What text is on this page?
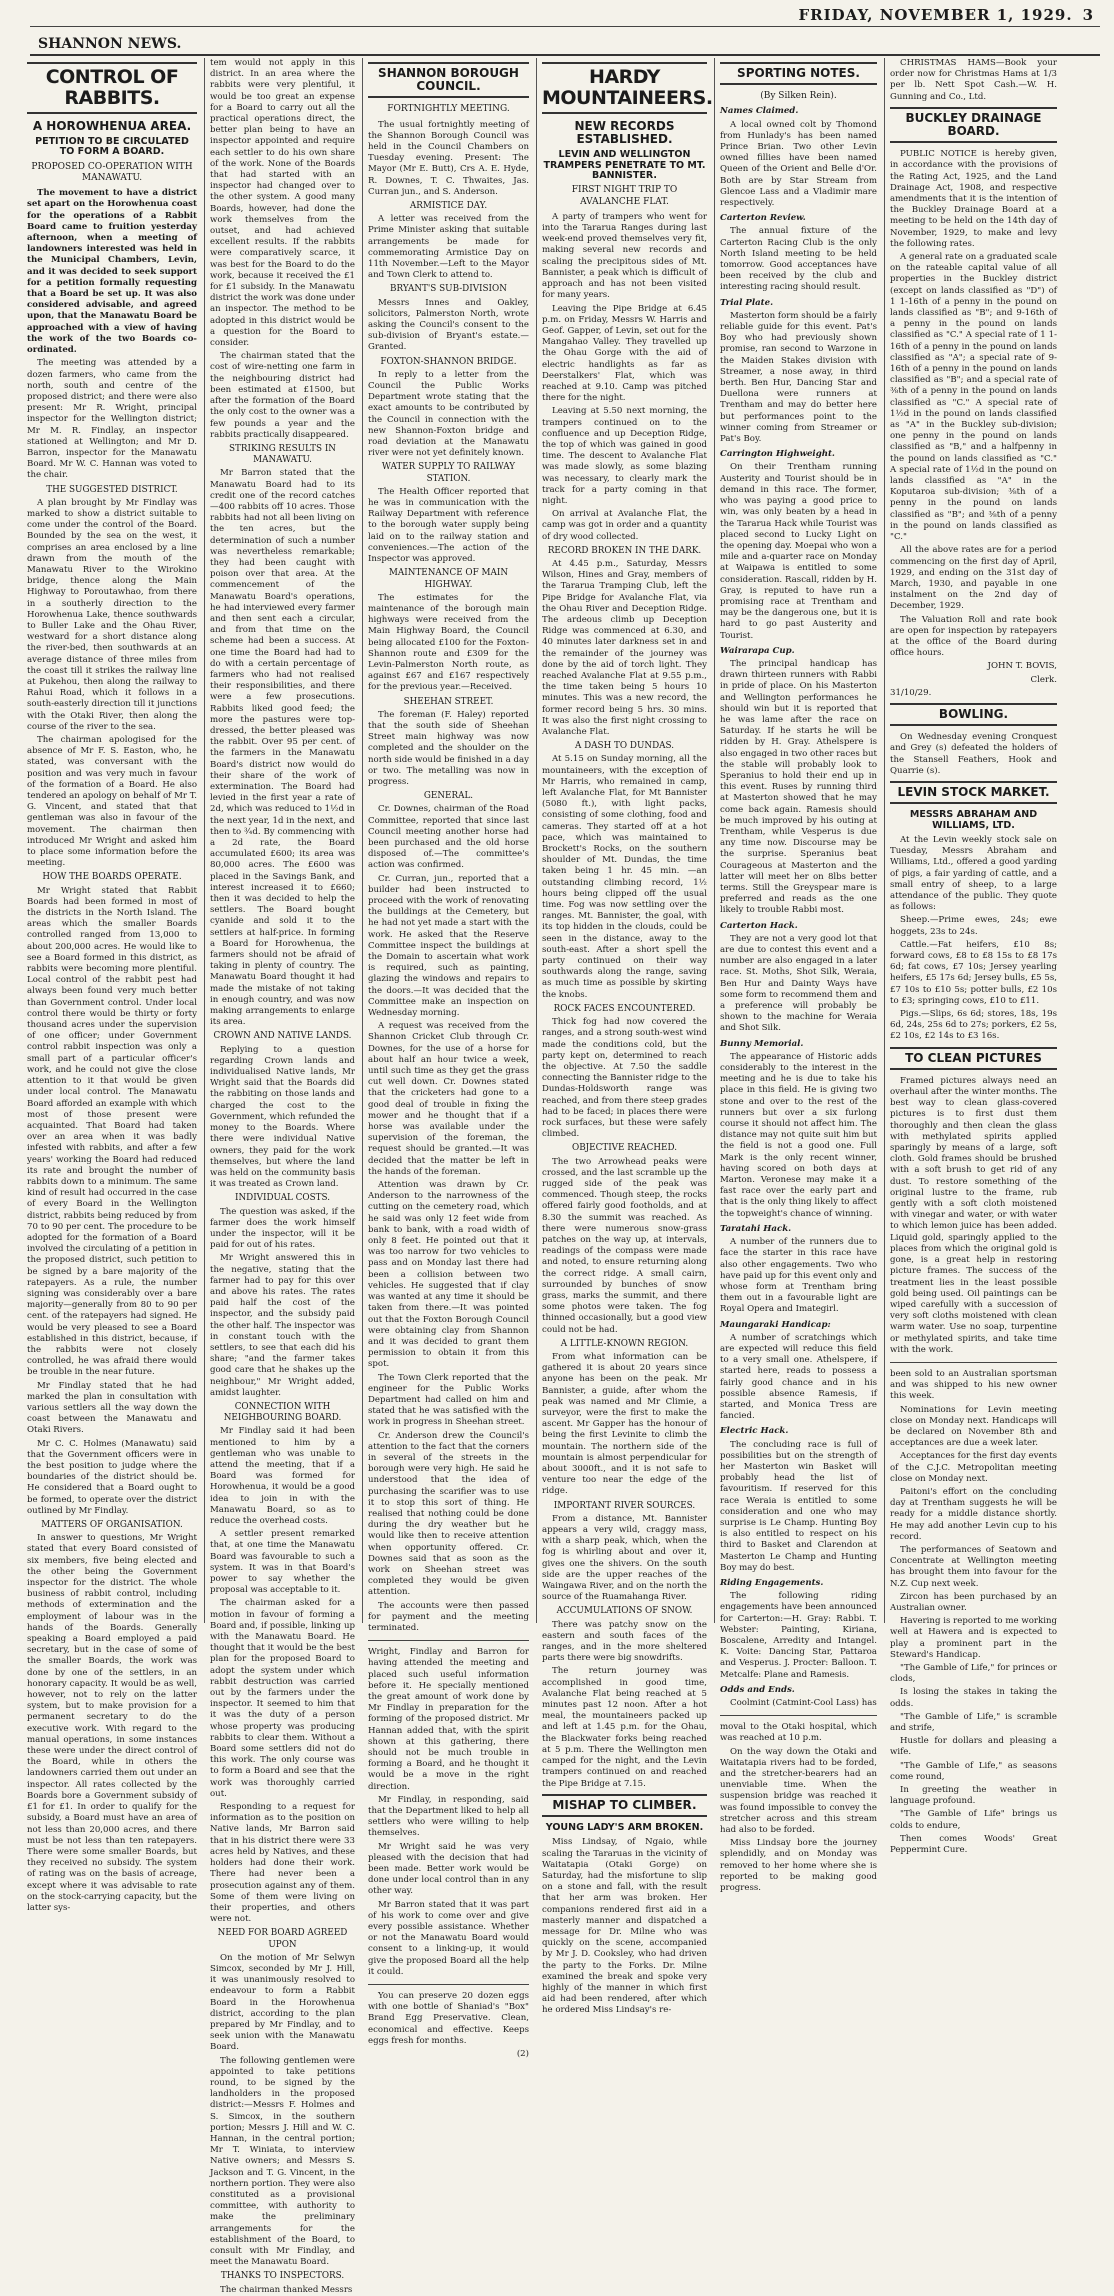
FRIDAY, NOVEMBER 1, 1929. 3
SHANNON NEWS.
CONTROL OF RABBITS.
A HOROWHENUA AREA.
PETITION TO BE CIRCULATED TO FORM A BOARD.
PROPOSED CO-OPERATION WITH MANAWATU.

The movement to have a district set apart on the Horowhenua coast for the operations of a Rabbit Board came to fruition yesterday afternoon, when a meeting of landowners interested was held in the Municipal Chambers, Levin, and it was decided to seek support for a petition formally requesting that a Board be set up. It was also considered advisable, and agreed upon, that the Manawatu Board be approached with a view of having the work of the two Boards co-ordinated.

The meeting was attended by a dozen farmers, who came from the north, south and centre of the proposed district; and there were also present: Mr R. Wright, principal inspector for the Wellington district; Mr M. R. Findlay, an inspector stationed at Wellington; and Mr D. Barron, inspector for the Manawatu Board. Mr W. C. Hannan was voted to the chair.

THE SUGGESTED DISTRICT.

A plan brought by Mr Findlay was marked to show a district suitable to come under the control of the Board. Bounded by the sea on the west, it comprises an area enclosed by a line drawn from the mouth of the Manawatu River to the Wirokino bridge, thence along the Main Highway to Poroutawhao, from there in a southerly direction to the Horowhenua Lake, thence southwards to Buller Lake and the Ohau River, westward for a short distance along the river-bed, then southwards at an average distance of three miles from the coast till it strikes the railway line at Pukehou, then along the railway to Rahui Road, which it follows in a south-easterly direction till it junctions with the Otaki River, then along the course of the river to the sea.

The chairman apologised for the absence of Mr F. S. Easton, who, he stated, was conversant with the position and was very much in favour of the formation of a Board. He also tendered an apology on behalf of Mr T. G. Vincent, and stated that that gentleman was also in favour of the movement. The chairman then introduced Mr Wright and asked him to place some information before the meeting.

HOW THE BOARDS OPERATE.

Mr Wright stated that Rabbit Boards had been formed in most of the districts in the North Island. The areas which the smaller Boards controlled ranged from 13,000 to about 200,000 acres. He would like to see a Board formed in this district, as rabbits were becoming more plentiful. Local control of the rabbit pest had always been found very much better than Government control. Under local control there would be thirty or forty thousand acres under the supervision of one officer; under Government control rabbit inspection was only a small part of a particular officer's work, and he could not give the close attention to it that would be given under local control. The Manawatu Board afforded an example with which most of those present were acquainted. That Board had taken over an area when it was badly infested with rabbits, and after a few years' working the Board had reduced its rate and brought the number of rabbits down to a minimum. The same kind of result had occurred in the case of every Board in the Wellington district, rabbits being reduced by from 70 to 90 per cent. The procedure to be adopted for the formation of a Board involved the circulating of a petition in the proposed district, such petition to be signed by a bare majority of the ratepayers. As a rule, the number signing was considerably over a bare majority—generally from 80 to 90 per cent. of the ratepayers had signed. He would be very pleased to see a Board established in this district, because, if the rabbits were not closely controlled, he was afraid there would be trouble in the near future.

Mr Findlay stated that he had marked the plan in consultation with various settlers all the way down the coast between the Manawatu and Otaki Rivers.

Mr C. C. Holmes (Manawatu) said that the Government officers were in the best position to judge where the boundaries of the district should be. He considered that a Board ought to be formed, to operate over the district outlined by Mr Findlay.

MATTERS OF ORGANISATION.

In answer to questions, Mr Wright stated that every Board consisted of six members, five being elected and the other being the Government inspector for the district. The whole business of rabbit control, including methods of extermination and the employment of labour was in the hands of the Boards. Generally speaking a Board employed a paid secretary, but in the case of some of the smaller Boards, the work was done by one of the settlers, in an honorary capacity. It would be as well, however, not to rely on the latter system, but to make provision for a permanent secretary to do the executive work. With regard to the manual operations, in some instances these were under the direct control of the Board, while in others the landowners carried them out under an inspector. All rates collected by the Boards bore a Government subsidy of £1 for £1. In order to qualify for the subsidy, a Board must have an area of not less than 20,000 acres, and there must be not less than ten ratepayers. There were some smaller Boards, but they received no subsidy. The system of rating was on the basis of acreage, except where it was advisable to rate on the stock-carrying capacity, but the latter sys-

tem would not apply in this district. In an area where the rabbits were very plentiful, it would be too great an expense for a Board to carry out all the practical operations direct, the better plan being to have an inspector appointed and require each settler to do his own share of the work. None of the Boards that had started with an inspector had changed over to the other system. A good many Boards, however, had done the work themselves from the outset, and had achieved excellent results. If the rabbits were comparatively scarce, it was best for the Board to do the work, because it received the £1 for £1 subsidy. In the Manawatu district the work was done under an inspector. The method to be adopted in this district would be a question for the Board to consider.

The chairman stated that the cost of wire-netting one farm in the neighbouring district had been estimated at £1500, but after the formation of the Board the only cost to the owner was a few pounds a year and the rabbits practically disappeared.

STRIKING RESULTS IN MANAWATU.

Mr Barron stated that the Manawatu Board had to its credit one of the record catches—400 rabbits off 10 acres. Those rabbits had not all been living on the ten acres, but the determination of such a number was nevertheless remarkable; they had been caught with poison over that area. At the commencement of the Manawatu Board's operations, he had interviewed every farmer and then sent each a circular, and from that time on the scheme had been a success. At one time the Board had had to do with a certain percentage of farmers who had not realised their responsibilities, and there were a few prosecutions. Rabbits liked good feed; the more the pastures were top-dressed, the better pleased was the rabbit. Over 95 per cent. of the farmers in the Manawatu Board's district now would do their share of the work of extermination. The Board had levied in the first year a rate of 2d, which was reduced to 1½d in the next year, 1d in the next, and then to ¾d. By commencing with a 2d rate, the Board accumulated £600; its area was 80,000 acres. The £600 was placed in the Savings Bank, and interest increased it to £660; then it was decided to help the settlers. The Board bought cyanide and sold it to the settlers at half-price. In forming a Board for Horowhenua, the farmers should not be afraid of taking in plenty of country. The Manawatu Board thought it had made the mistake of not taking in enough country, and was now making arrangements to enlarge its area.

CROWN AND NATIVE LANDS.

Replying to a question regarding Crown lands and individualised Native lands, Mr Wright said that the Boards did the rabbiting on those lands and charged the cost to the Government, which refunded the money to the Boards. Where there were individual Native owners, they paid for the work themselves, but where the land was held on the community basis it was treated as Crown land.

INDIVIDUAL COSTS.

The question was asked, if the farmer does the work himself under the inspector, will it be paid for out of his rates.

Mr Wright answered this in the negative, stating that the farmer had to pay for this over and above his rates. The rates paid half the cost of the inspector, and the subsidy paid the other half. The inspector was in constant touch with the settlers, to see that each did his share; "and the farmer takes good care that he shakes up the neighbour," Mr Wright added, amidst laughter.

CONNECTION WITH NEIGHBOURING BOARD.

Mr Findlay said it had been mentioned to him by a gentleman who was unable to attend the meeting, that if a Board was formed for Horowhenua, it would be a good idea to join in with the Manawatu Board, so as to reduce the overhead costs.

A settler present remarked that, at one time the Manawatu Board was favourable to such a system. It was in that Board's power to say whether the proposal was acceptable to it.

The chairman asked for a motion in favour of forming a Board and, if possible, linking up with the Manawatu Board. He thought that it would be the best plan for the proposed Board to adopt the system under which rabbit destruction was carried out by the farmers under the inspector. It seemed to him that it was the duty of a person whose property was producing rabbits to clear them. Without a Board some settlers did not do this work. The only course was to form a Board and see that the work was thoroughly carried out.

Responding to a request for information as to the position on Native lands, Mr Barron said that in his district there were 33 acres held by Natives, and these holders had done their work. There had never been a prosecution against any of them. Some of them were living on their properties, and others were not.

NEED FOR BOARD AGREED UPON

On the motion of Mr Selwyn Simcox, seconded by Mr J. Hill, it was unanimously resolved to endeavour to form a Rabbit Board in the Horowhenua district, according to the plan prepared by Mr Findlay, and to seek union with the Manawatu Board.

The following gentlemen were appointed to take petitions round, to be signed by the landholders in the proposed district:—Messrs F. Holmes and S. Simcox, in the southern portion; Messrs J. Hill and W. C. Hannan, in the central portion; Mr T. Winiata, to interview Native owners; and Messrs S. Jackson and T. G. Vincent, in the northern portion. They were also constituted as a provisional committee, with authority to make the preliminary arrangements for the establishment of the Board, to consult with Mr Findlay, and meet the Manawatu Board.

THANKS TO INSPECTORS.

The chairman thanked Messrs

SHANNON BOROUGH COUNCIL.
FORTNIGHTLY MEETING.

The usual fortnightly meeting of the Shannon Borough Council was held in the Council Chambers on Tuesday evening. Present: The Mayor (Mr E. Butt), Crs A. E. Hyde, R. Downes, T. C. Thwaites, Jas. Curran jun., and S. Anderson.

ARMISTICE DAY.

A letter was received from the Prime Minister asking that suitable arrangements be made for commemorating Armistice Day on 11th November.—Left to the Mayor and Town Clerk to attend to.

BRYANT'S SUB-DIVISION

Messrs Innes and Oakley, solicitors, Palmerston North, wrote asking the Council's consent to the sub-division of Bryant's estate.—Granted.

FOXTON-SHANNON BRIDGE.

In reply to a letter from the Council the Public Works Department wrote stating that the exact amounts to be contributed by the Council in connection with the new Shannon-Foxton bridge and road deviation at the Manawatu river were not yet definitely known.

WATER SUPPLY TO RAILWAY STATION.

The Health Officer reported that he was in communication with the Railway Department with reference to the borough water supply being laid on to the railway station and conveniences.—The action of the Inspector was approved.

MAINTENANCE OF MAIN HIGHWAY.

The estimates for the maintenance of the borough main highways were received from the Main Highway Board, the Council being allocated £100 for the Foxton-Shannon route and £309 for the Levin-Palmerston North route, as against £67 and £167 respectively for the previous year.—Received.

SHEEHAN STREET.

The foreman (F. Haley) reported that the south side of Sheehan Street main highway was now completed and the shoulder on the north side would be finished in a day or two. The metalling was now in progress.

GENERAL.

Cr. Downes, chairman of the Road Committee, reported that since last Council meeting another horse had been purchased and the old horse disposed of.—The committee's action was confirmed.

Cr. Curran, jun., reported that a builder had been instructed to proceed with the work of renovating the buildings at the Cemetery, but he had not yet made a start with the work. He asked that the Reserve Committee inspect the buildings at the Domain to ascertain what work is required, such as painting, glazing the windows and repairs to the doors.—It was decided that the Committee make an inspection on Wednesday morning.

A request was received from the Shannon Cricket Club through Cr. Downes, for the use of a horse for about half an hour twice a week, until such time as they get the grass cut well down. Cr. Downes stated that the cricketers had gone to a good deal of trouble in fixing the mower and he thought that if a horse was available under the supervision of the foreman, the request should be granted.—It was decided that the matter be left in the hands of the foreman.

Attention was drawn by Cr. Anderson to the narrowness of the cutting on the cemetery road, which he said was only 12 feet wide from bank to bank, with a road width of only 8 feet. He pointed out that it was too narrow for two vehicles to pass and on Monday last there had been a collision between two vehicles. He suggested that if clay was wanted at any time it should be taken from there.—It was pointed out that the Foxton Borough Council were obtaining clay from Shannon and it was decided to grant them permission to obtain it from this spot.

The Town Clerk reported that the engineer for the Public Works Department had called on him and stated that he was satisfied with the work in progress in Sheehan street.

Cr. Anderson drew the Council's attention to the fact that the corners in several of the streets in the borough were very high. He said he understood that the idea of purchasing the scarifier was to use it to stop this sort of thing. He realised that nothing could be done during the dry weather but he would like then to receive attention when opportunity offered. Cr. Downes said that as soon as the work on Sheehan street was completed they would be given attention.

The accounts were then passed for payment and the meeting terminated.

Wright, Findlay and Barron for having attended the meeting and placed such useful information before it. He specially mentioned the great amount of work done by Mr Findlay in preparation for the forming of the proposed district. Mr Hannan added that, with the spirit shown at this gathering, there should not be much trouble in forming a Board, and he thought it would be a move in the right direction.

Mr Findlay, in responding, said that the Department liked to help all settlers who were willing to help themselves.

Mr Wright said he was very pleased with the decision that had been made. Better work would be done under local control than in any other way.

Mr Barron stated that it was part of his work to come over and give every possible assistance. Whether or not the Manawatu Board would consent to a linking-up, it would give the proposed Board all the help it could.

You can preserve 20 dozen eggs with one bottle of Shaniad's "Box" Brand Egg Preservative. Clean, economical and effective. Keeps eggs fresh for months.

(2)
HARDY MOUNTAINEERS.
NEW RECORDS ESTABLISHED.
LEVIN AND WELLINGTON TRAMPERS PENETRATE TO MT. BANNISTER.
FIRST NIGHT TRIP TO AVALANCHE FLAT.

A party of trampers who went for into the Tararua Ranges during last week-end proved themselves very fit, making several new records and scaling the precipitous sides of Mt. Bannister, a peak which is difficult of approach and has not been visited for many years.

Leaving the Pipe Bridge at 6.45 p.m. on Friday, Messrs W. Harris and Geof. Gapper, of Levin, set out for the Mangahao Valley. They travelled up the Ohau Gorge with the aid of electric handlights as far as Deerstalkers' Flat, which was reached at 9.10. Camp was pitched there for the night.

Leaving at 5.50 next morning, the trampers continued on to the confluence and up Deception Ridge, the top of which was gained in good time. The descent to Avalanche Flat was made slowly, as some blazing was necessary, to clearly mark the track for a party coming in that night.

On arrival at Avalanche Flat, the camp was got in order and a quantity of dry wood collected.

RECORD BROKEN IN THE DARK.

At 4.45 p.m., Saturday, Messrs Wilson, Hines and Gray, members of the Tararua Tramping Club, left the Pipe Bridge for Avalanche Flat, via the Ohau River and Deception Ridge. The ardeous climb up Deception Ridge was commenced at 6.30, and 40 minutes later darkness set in and the remainder of the journey was done by the aid of torch light. They reached Avalanche Flat at 9.55 p.m., the time taken being 5 hours 10 minutes. This was a new record, the former record being 5 hrs. 30 mins. It was also the first night crossing to Avalanche Flat.

A DASH TO DUNDAS.

At 5.15 on Sunday morning, all the mountaineers, with the exception of Mr Harris, who remained in camp, left Avalanche Flat, for Mt Bannister (5080 ft.), with light packs, consisting of some clothing, food and cameras. They started off at a hot pace, which was maintained to Brockett's Rocks, on the southern shoulder of Mt. Dundas, the time taken being 1 hr. 45 min. —an outstanding climbing record, 1½ hours being clipped off the usual time. Fog was now settling over the ranges. Mt. Bannister, the goal, with its top hidden in the clouds, could be seen in the distance, away to the south-east. After a short spell the party continued on their way southwards along the range, saving as much time as possible by skirting the knobs.

ROCK FACES ENCOUNTERED.

Thick fog had now covered the ranges, and a strong south-west wind made the conditions cold, but the party kept on, determined to reach the objective. At 7.50 the saddle connecting the Bannister ridge to the Dundas-Holdsworth range was reached, and from there steep grades had to be faced; in places there were rock surfaces, but these were safely climbed.

OBJECTIVE REACHED.

The two Arrowhead peaks were crossed, and the last scramble up the rugged side of the peak was commenced. Though steep, the rocks offered fairly good footholds, and at 8.30 the summit was reached. As there were numerous snow-grass patches on the way up, at intervals, readings of the compass were made and noted, to ensure returning along the correct ridge. A small cairn, surrounded by bunches of snow grass, marks the summit, and there some photos were taken. The fog thinned occasionally, but a good view could not be had.

A LITTLE-KNOWN REGION.

From what information can be gathered it is about 20 years since anyone has been on the peak. Mr Bannister, a guide, after whom the peak was named and Mr Climie, a surveyor, were the first to make the ascent. Mr Gapper has the honour of being the first Levinite to climb the mountain. The northern side of the mountain is almost perpendicular for about 3000ft., and it is not safe to venture too near the edge of the ridge.

IMPORTANT RIVER SOURCES.

From a distance, Mt. Bannister appears a very wild, craggy mass, with a sharp peak, which, when the fog is whirling about and over it, gives one the shivers. On the south side are the upper reaches of the Waingawa River, and on the north the source of the Ruamahanga River.

ACCUMULATIONS OF SNOW.

There was patchy snow on the eastern and south faces of the ranges, and in the more sheltered parts there were big snowdrifts.

The return journey was accomplished in good time, Avalanche Flat being reached at 5 minutes past 12 noon. After a hot meal, the mountaineers packed up and left at 1.45 p.m. for the Ohau, the Blackwater forks being reached at 5 p.m. There the Wellington men camped for the night, and the Levin trampers continued on and reached the Pipe Bridge at 7.15.

MISHAP TO CLIMBER.
YOUNG LADY'S ARM BROKEN.

Miss Lindsay, of Ngaio, while scaling the Tararuas in the vicinity of Waitatapia (Otaki Gorge) on Saturday, had the misfortune to slip on a stone and fall, with the result that her arm was broken. Her companions rendered first aid in a masterly manner and dispatched a message for Dr. Milne who was quickly on the scene, accompanied by Mr J. D. Cooksley, who had driven the party to the Forks. Dr. Milne examined the break and spoke very highly of the manner in which first aid had been rendered, after which he ordered Miss Lindsay's re-

SPORTING NOTES.
(By Silken Rein).

Names Claimed.

A local owned colt by Thomond from Hunlady's has been named Prince Brian. Two other Levin owned fillies have been named Queen of the Orient and Belle d'Or. Both are by Star Stream from Glencoe Lass and a Vladimir mare respectively.

Carterton Review.

The annual fixture of the Carterton Racing Club is the only North Island meeting to be held tomorrow. Good acceptances have been received by the club and interesting racing should result.

Trial Plate.

Masterton form should be a fairly reliable guide for this event. Pat's Boy who had previously shown promise, ran second to Warzone in the Maiden Stakes division with Streamer, a nose away, in third berth. Ben Hur, Dancing Star and Duellona were runners at Trentham and may do better here but performances point to the winner coming from Streamer or Pat's Boy.

Carrington Highweight.

On their Trentham running Austerity and Tourist should be in demand in this race. The former, who was paying a good price to win, was only beaten by a head in the Tararua Hack while Tourist was placed second to Lucky Light on the opening day. Moepai who won a mile and a-quarter race on Monday at Waipawa is entitled to some consideration. Rascall, ridden by H. Gray, is reputed to have run a promising race at Trentham and may be the dangerous one, but it is hard to go past Austerity and Tourist.

Wairarapa Cup.

The principal handicap has drawn thirteen runners with Rabbi in pride of place. On his Masterton and Wellington performances he should win but it is reported that he was lame after the race on Saturday. If he starts he will be ridden by H. Gray. Athelspere is also engaged in two other races but the stable will probably look to Speranius to hold their end up in this event. Ruses by running third at Masterton showed that he may come back again. Ramesis should be much improved by his outing at Trentham, while Vesperus is due any time now. Discourse may be the surprise. Speranius beat Courageous at Masterton and the latter will meet her on 8lbs better terms. Still the Greyspear mare is preferred and reads as the one likely to trouble Rabbi most.

Carterton Hack.

They are not a very good lot that are due to contest this event and a number are also engaged in a later race. St. Moths, Shot Silk, Weraia, Ben Hur and Dainty Ways have some form to recommend them and a preference will probably be shown to the machine for Weraia and Shot Silk.

Bunny Memorial.

The appearance of Historic adds considerably to the interest in the meeting and he is due to take his place in this field. He is giving two stone and over to the rest of the runners but over a six furlong course it should not affect him. The distance may not quite suit him but the field is not a good one. Full Mark is the only recent winner, having scored on both days at Marton. Veronese may make it a fast race over the early part and that is the only thing likely to affect the topweight's chance of winning.

Taratahi Hack.

A number of the runners due to face the starter in this race have also other engagements. Two who have paid up for this event only and whose form at Trentham bring them out in a favourable light are Royal Opera and Imategirl.

Maungaraki Handicap:

A number of scratchings which are expected will reduce this field to a very small one. Athelspere, if started here, reads to possess a fairly good chance and in his possible absence Ramesis, if started, and Monica Tress are fancied.

Electric Hack.

The concluding race is full of possibilities but on the strength of her Masterton win Basket will probably head the list of favouritism. If reserved for this race Weraia is entitled to some consideration and one who may surprise is Le Champ. Hunting Boy is also entitled to respect on his third to Basket and Clarendon at Masterton Le Champ and Hunting Boy may do best.

Riding Engagements.

The following riding engagements have been announced for Carterton:—H. Gray: Rabbi. T. Webster: Painting, Kiriana, Boscalene, Arredity and Intangel. K. Voite: Dancing Star, Pattaroa and Vesperus. J. Procter: Balloon. T. Metcalfe: Plane and Ramesis.

Odds and Ends.

Coolmint (Catmint-Cool Lass) has

moval to the Otaki hospital, which was reached at 10 p.m.

On the way down the Otaki and Waitatapia rivers had to be forded, and the stretcher-bearers had an unenviable time. When the suspension bridge was reached it was found impossible to convey the stretcher across and this stream had also to be forded.

Miss Lindsay bore the journey splendidly, and on Monday was removed to her home where she is reported to be making good progress.

CHRISTMAS HAMS—Book your order now for Christmas Hams at 1/3 per lb. Nett Spot Cash.—W. H. Gunning and Co., Ltd.

BUCKLEY DRAINAGE BOARD.

PUBLIC NOTICE is hereby given, in accordance with the provisions of the Rating Act, 1925, and the Land Drainage Act, 1908, and respective amendments that it is the intention of the Buckley Drainage Board at a meeting to be held on the 14th day of November, 1929, to make and levy the following rates.

A general rate on a graduated scale on the rateable capital value of all properties in the Buckley district (except on lands classified as "D") of 1 1-16th of a penny in the pound on lands classified as "B"; and 9-16th of a penny in the pound on lands classified as "C." A special rate of 1 1-16th of a penny in the pound on lands classified as "A"; a special rate of 9-16th of a penny in the pound on lands classified as "B"; and a special rate of ⅜th of a penny in the pound on lands classified as "C." A special rate of 1½d in the pound on lands classified as "A" in the Buckley sub-division; one penny in the pound on lands classified as "B," and a halfpenny in the pound on lands classified as "C." A special rate of 1½d in the pound on lands classified as "A" in the Koputaroa sub-division; ⅜th of a penny in the pound on lands classified as "B"; and ⅜th of a penny in the pound on lands classified as "C."

All the above rates are for a period commencing on the first day of April, 1929, and ending on the 31st day of March, 1930, and payable in one instalment on the 2nd day of December, 1929.

The Valuation Roll and rate book are open for inspection by ratepayers at the office of the Board during office hours.

JOHN T. BOVIS,
Clerk.

31/10/29.

BOWLING.

On Wednesday evening Cronquest and Grey (s) defeated the holders of the Stansell Feathers, Hook and Quarrie (s).

LEVIN STOCK MARKET.
MESSRS ABRAHAM AND WILLIAMS, LTD.

At the Levin weekly stock sale on Tuesday, Messrs Abraham and Williams, Ltd., offered a good yarding of pigs, a fair yarding of cattle, and a small entry of sheep, to a large attendance of the public. They quote as follows:

Sheep.—Prime ewes, 24s; ewe hoggets, 23s to 24s.

Cattle.—Fat heifers, £10 8s; forward cows, £8 to £8 15s to £8 17s 6d; fat cows, £7 10s; Jersey yearling heifers, £5 17s 6d; Jersey bulls, £5 5s, £7 10s to £10 5s; potter bulls, £2 10s to £3; springing cows, £10 to £11.

Pigs.—Slips, 6s 6d; stores, 18s, 19s 6d, 24s, 25s 6d to 27s; porkers, £2 5s, £2 10s, £2 14s to £3 16s.

TO CLEAN PICTURES

Framed pictures always need an overhaul after the winter months. The best way to clean glass-covered pictures is to first dust them thoroughly and then clean the glass with methylated spirits applied sparingly by means of a large, soft cloth. Gold frames should be brushed with a soft brush to get rid of any dust. To restore something of the original lustre to the frame, rub gently with a soft cloth moistened with vinegar and water, or with water to which lemon juice has been added. Liquid gold, sparingly applied to the places from which the original gold is gone, is a great help in restoring picture frames. The success of the treatment lies in the least possible gold being used. Oil paintings can be wiped carefully with a succession of very soft cloths moistened with clean warm water. Use no soap, turpentine or methylated spirits, and take time with the work.

been sold to an Australian sportsman and was shipped to his new owner this week.

Nominations for Levin meeting close on Monday next. Handicaps will be declared on November 8th and acceptances are due a week later.

Acceptances for the first day events of the C.J.C. Metropolitan meeting close on Monday next.

Paitoni's effort on the concluding day at Trentham suggests he will be ready for a middle distance shortly. He may add another Levin cup to his record.

The performances of Seatown and Concentrate at Wellington meeting has brought them into favour for the N.Z. Cup next week.

Zircon has been purchased by an Australian owner.

Havering is reported to me working well at Hawera and is expected to play a prominent part in the Steward's Handicap.

"The Gamble of Life," for princes or clods,

Is losing the stakes in taking the odds.

"The Gamble of Life," is scramble and strife,

Hustle for dollars and pleasing a wife.

"The Gamble of Life," as seasons come round,

In greeting the weather in language profound.

"The Gamble of Life" brings us colds to endure,

Then comes Woods' Great Peppermint Cure.
